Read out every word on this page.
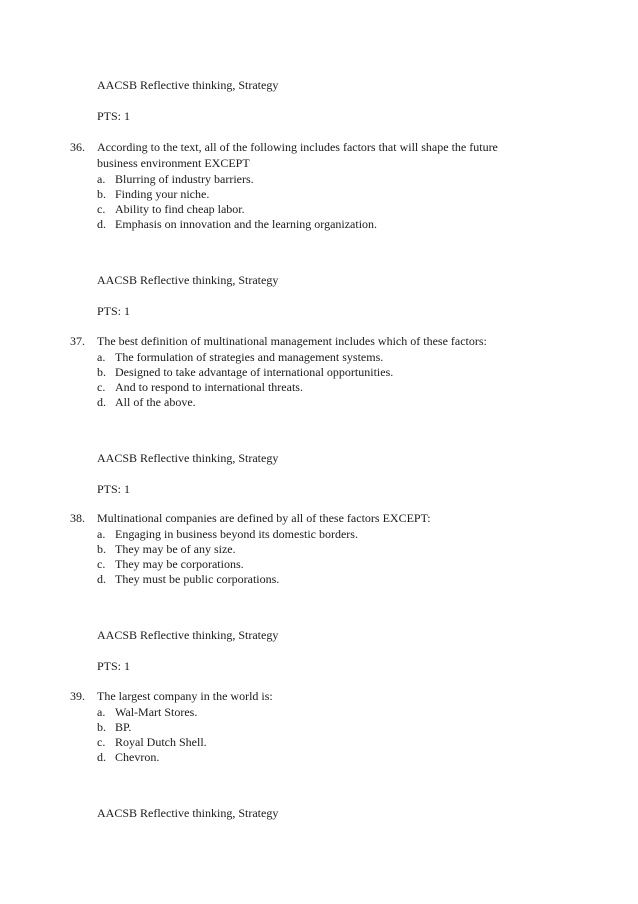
AACSB Reflective thinking, Strategy
PTS: 1
36.	According to the text, all of the following includes factors that will shape the future
business environment EXCEPT
a. Blurring of industry barriers.
b. Finding your niche.
c. Ability to find cheap labor.
d. Emphasis on innovation and the learning organization.
AACSB Reflective thinking, Strategy
PTS: 1
37.	The best definition of multinational management includes which of these factors:
a. The formulation of strategies and management systems.
b. Designed to take advantage of international opportunities.
c. And to respond to international threats.
d. All of the above.
AACSB Reflective thinking, Strategy
PTS: 1
38.	Multinational companies are defined by all of these factors EXCEPT:
a. Engaging in business beyond its domestic borders.
b. They may be of any size.
c. They may be corporations.
d. They must be public corporations.
AACSB Reflective thinking, Strategy
PTS: 1
39.	The largest company in the world is:
a. Wal-Mart Stores.
b. BP.
c. Royal Dutch Shell.
d. Chevron.
AACSB Reflective thinking, Strategy
